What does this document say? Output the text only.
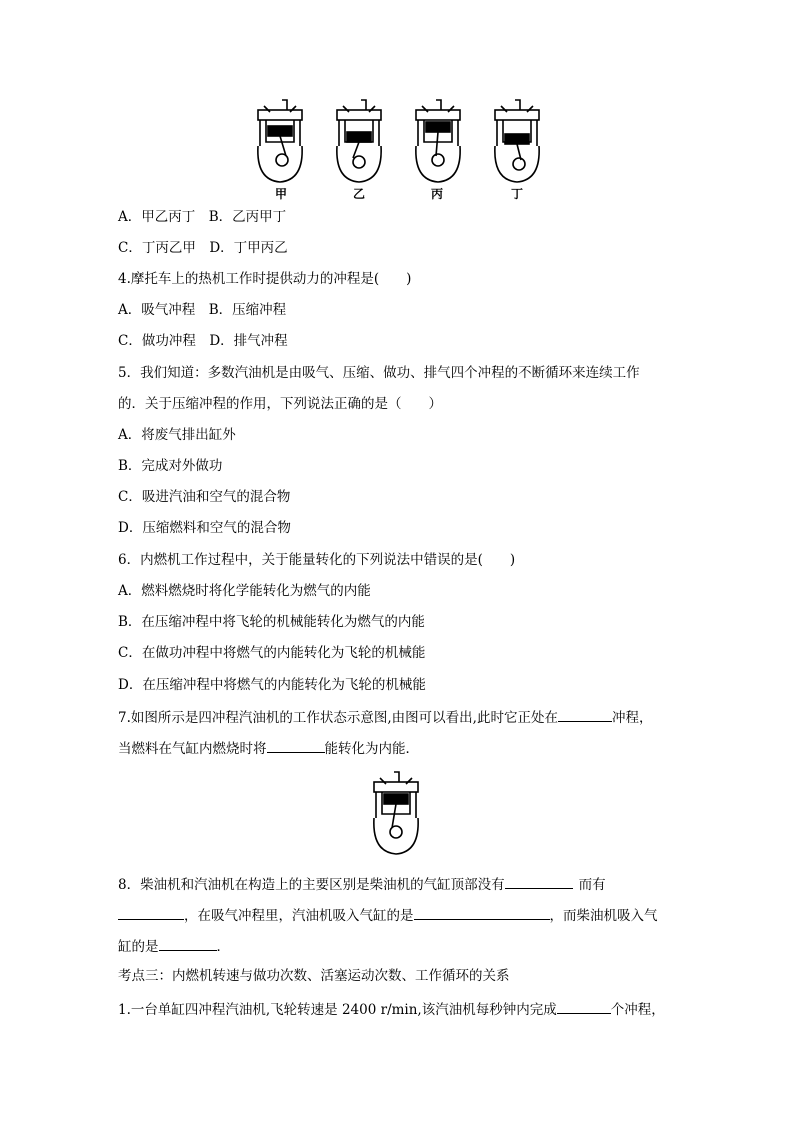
甲	乙	丙	丁
A．甲乙丙丁　B．乙丙甲丁
C．丁丙乙甲　D．丁甲丙乙
4.摩托车上的热机工作时提供动力的冲程是(　　)
A．吸气冲程　B．压缩冲程
C．做功冲程　D．排气冲程
5．我们知道：多数汽油机是由吸气、压缩、做功、排气四个冲程的不断循环来连续工作
的．关于压缩冲程的作用，下列说法正确的是（　　）
A．将废气排出缸外
B．完成对外做功
C．吸进汽油和空气的混合物
D．压缩燃料和空气的混合物
6．内燃机工作过程中，关于能量转化的下列说法中错误的是(　　)
A．燃料燃烧时将化学能转化为燃气的内能
B．在压缩冲程中将飞轮的机械能转化为燃气的内能
C．在做功冲程中将燃气的内能转化为飞轮的机械能
D．在压缩冲程中将燃气的内能转化为飞轮的机械能
7.如图所示是四冲程汽油机的工作状态示意图,由图可以看出,此时它正处在	冲程，
当燃料在气缸内燃烧时将	能转化为内能．
8．柴油机和汽油机在构造上的主要区别是柴油机的气缸顶部没有	而有
，在吸气冲程里，汽油机吸入气缸的是	，而柴油机吸入气
缸的是	．
考点三：内燃机转速与做功次数、活塞运动次数、工作循环的关系
1.一台单缸四冲程汽油机,飞轮转速是 2400 r/min,该汽油机每秒钟内完成	个冲程，
